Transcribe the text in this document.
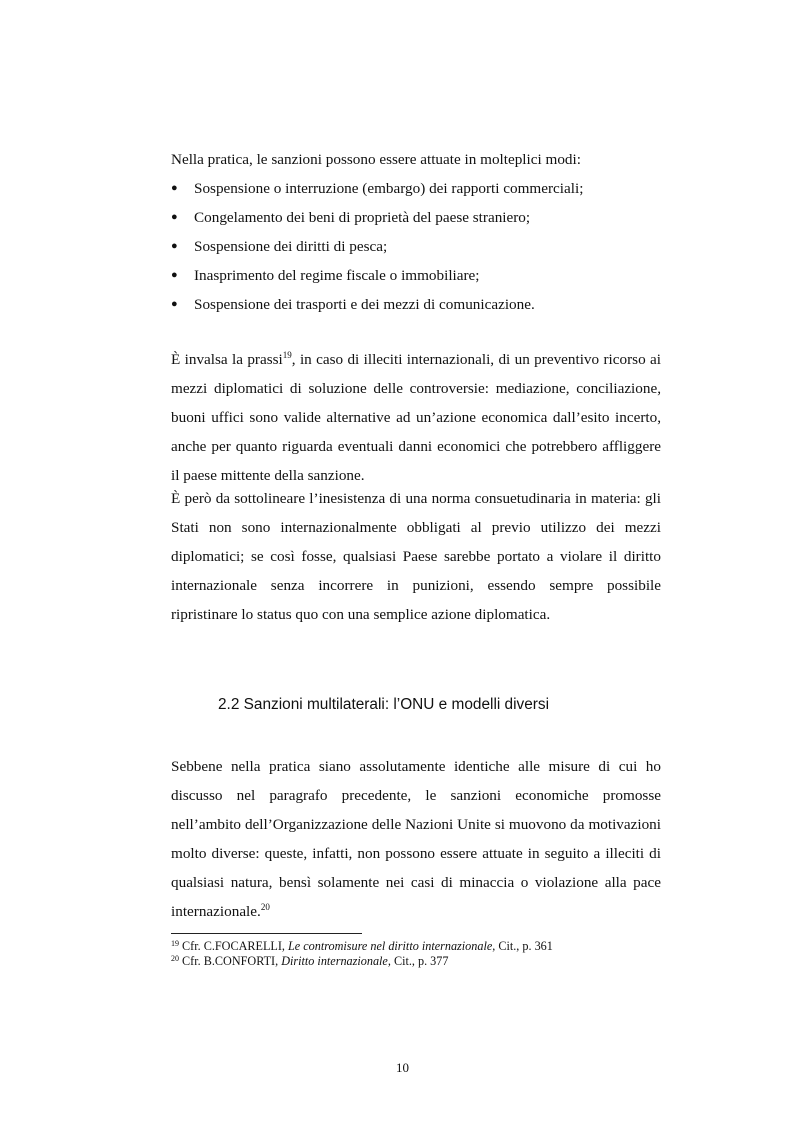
Nella pratica, le sanzioni possono essere attuate in molteplici modi:

● Sospensione o interruzione (embargo) dei rapporti commerciali;
● Congelamento dei beni di proprietà del paese straniero;
● Sospensione dei diritti di pesca;
● Inasprimento del regime fiscale o immobiliare;
● Sospensione dei trasporti e dei mezzi di comunicazione.

È invalsa la prassi$^{19}$, in caso di illeciti internazionali, di un preventivo ricorso ai mezzi diplomatici di soluzione delle controversie: mediazione, conciliazione, buoni uffici sono valide alternative ad un’azione economica dall’esito incerto, anche per quanto riguarda eventuali danni economici che potrebbero affliggere il paese mittente della sanzione.

È però da sottolineare l’inesistenza di una norma consuetudinaria in materia: gli Stati non sono internazionalmente obbligati al previo utilizzo dei mezzi diplomatici; se così fosse, qualsiasi Paese sarebbe portato a violare il diritto internazionale senza incorrere in punizioni, essendo sempre possibile ripristinare lo status quo con una semplice azione diplomatica.

2.2 Sanzioni multilaterali: l’ONU e modelli diversi

Sebbene nella pratica siano assolutamente identiche alle misure di cui ho discusso nel paragrafo precedente, le sanzioni economiche promosse nell’ambito dell’Organizzazione delle Nazioni Unite si muovono da motivazioni molto diverse: queste, infatti, non possono essere attuate in seguito a illeciti di qualsiasi natura, bensì solamente nei casi di minaccia o violazione alla pace internazionale.$^{20}$

$^{19}$ Cfr. C.FOCARELLI, Le contromisure nel diritto internazionale, Cit., p. 361

$^{20}$ Cfr. B.CONFORTI, Diritto internazionale, Cit., p. 377

10
